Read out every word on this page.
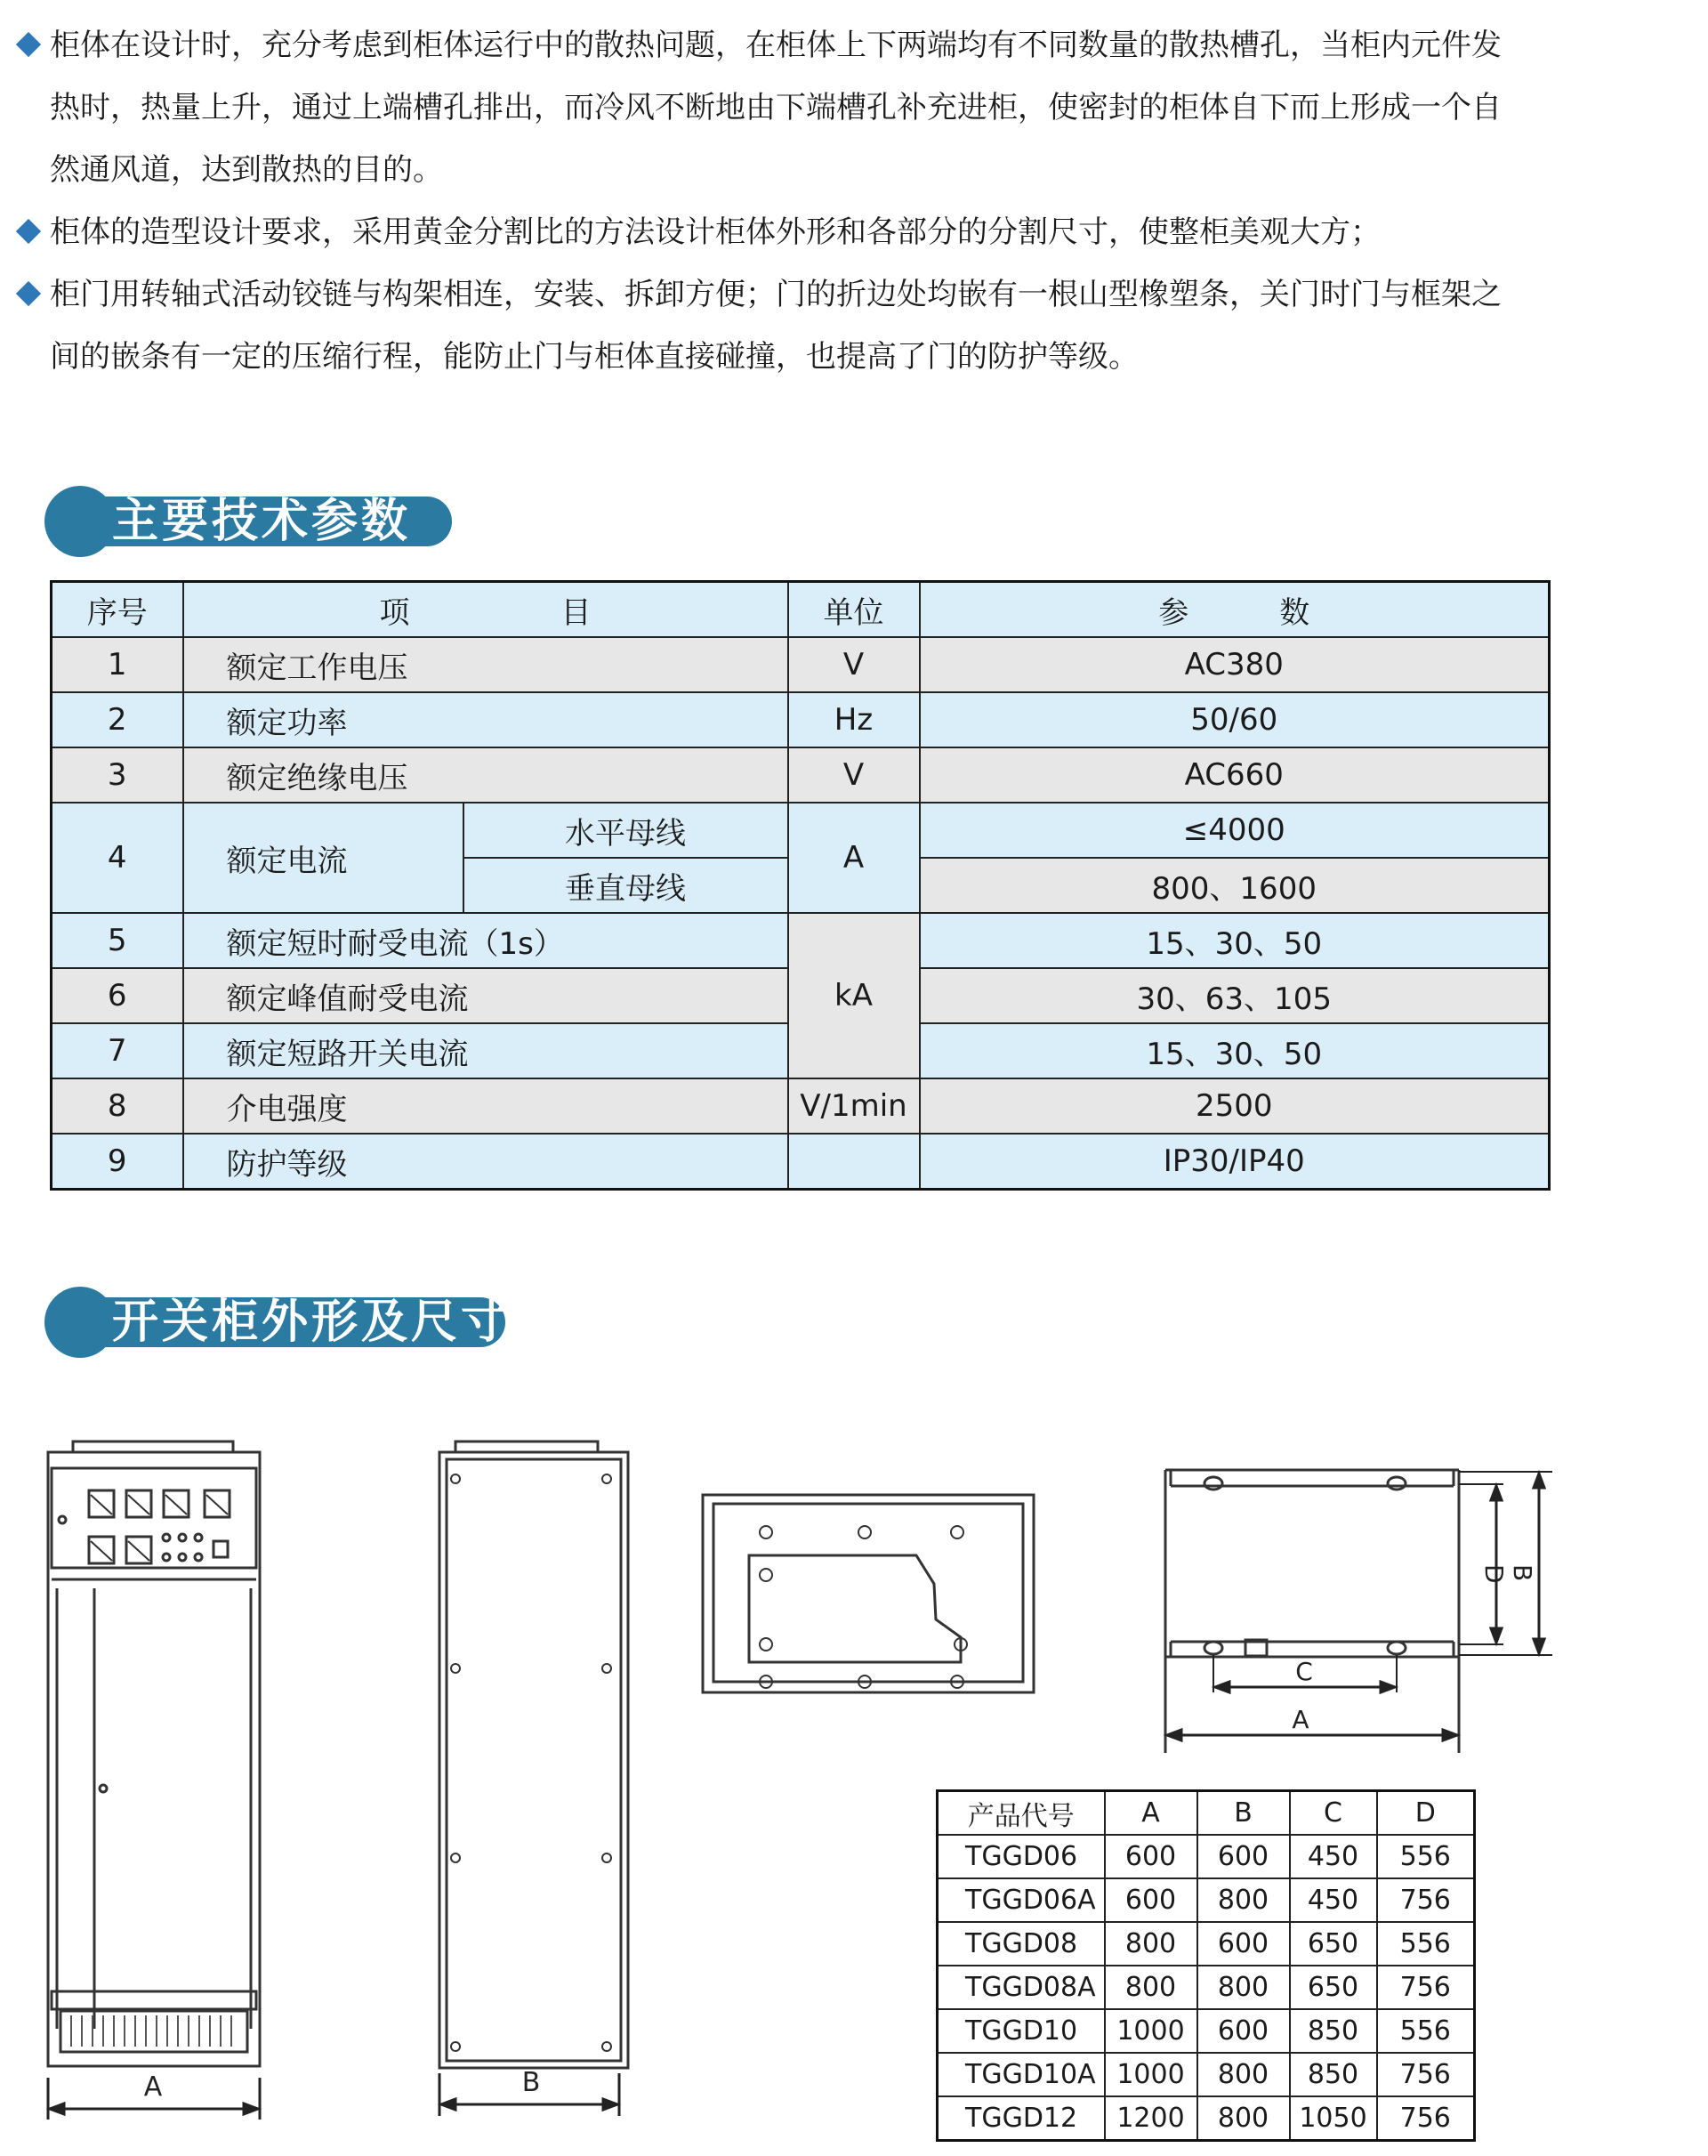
柜体在设计时，充分考虑到柜体运行中的散热问题，在柜体上下两端均有不同数量的散热槽孔，当柜内元件发
热时，热量上升，通过上端槽孔排出，而冷风不断地由下端槽孔补充进柜，使密封的柜体自下而上形成一个自
然通风道，达到散热的目的。
柜体的造型设计要求，采用黄金分割比的方法设计柜体外形和各部分的分割尺寸，使整柜美观大方；
柜门用转轴式活动铰链与构架相连，安装、拆卸方便；门的折边处均嵌有一根山型橡塑条，关门时门与框架之
间的嵌条有一定的压缩行程，能防止门与柜体直接碰撞，也提高了门的防护等级。
主要技术参数
序号	项　　　　　目		单位	参　　　数
1	额定工作电压		V	AC380
2	额定功率		Hz	50/60
3	额定绝缘电压		V	AC660
4	额定电流	水平母线	A	≤4000
		垂直母线		800、1600
5	额定短时耐受电流（1s）		kA	15、30、50
6	额定峰值耐受电流			30、63、105
7	额定短路开关电流			15、30、50
8	介电强度		V/1min	2500
9	防护等级			IP30/IP40
开关柜外形及尺寸
A	B
D B
C
A
产品代号	A	B	C	D
TGGD06	600	600	450	556
TGGD06A	600	800	450	756
TGGD08	800	600	650	556
TGGD08A	800	800	650	756
TGGD10	1000	600	850	556
TGGD10A	1000	800	850	756
TGGD12	1200	800	1050	756
